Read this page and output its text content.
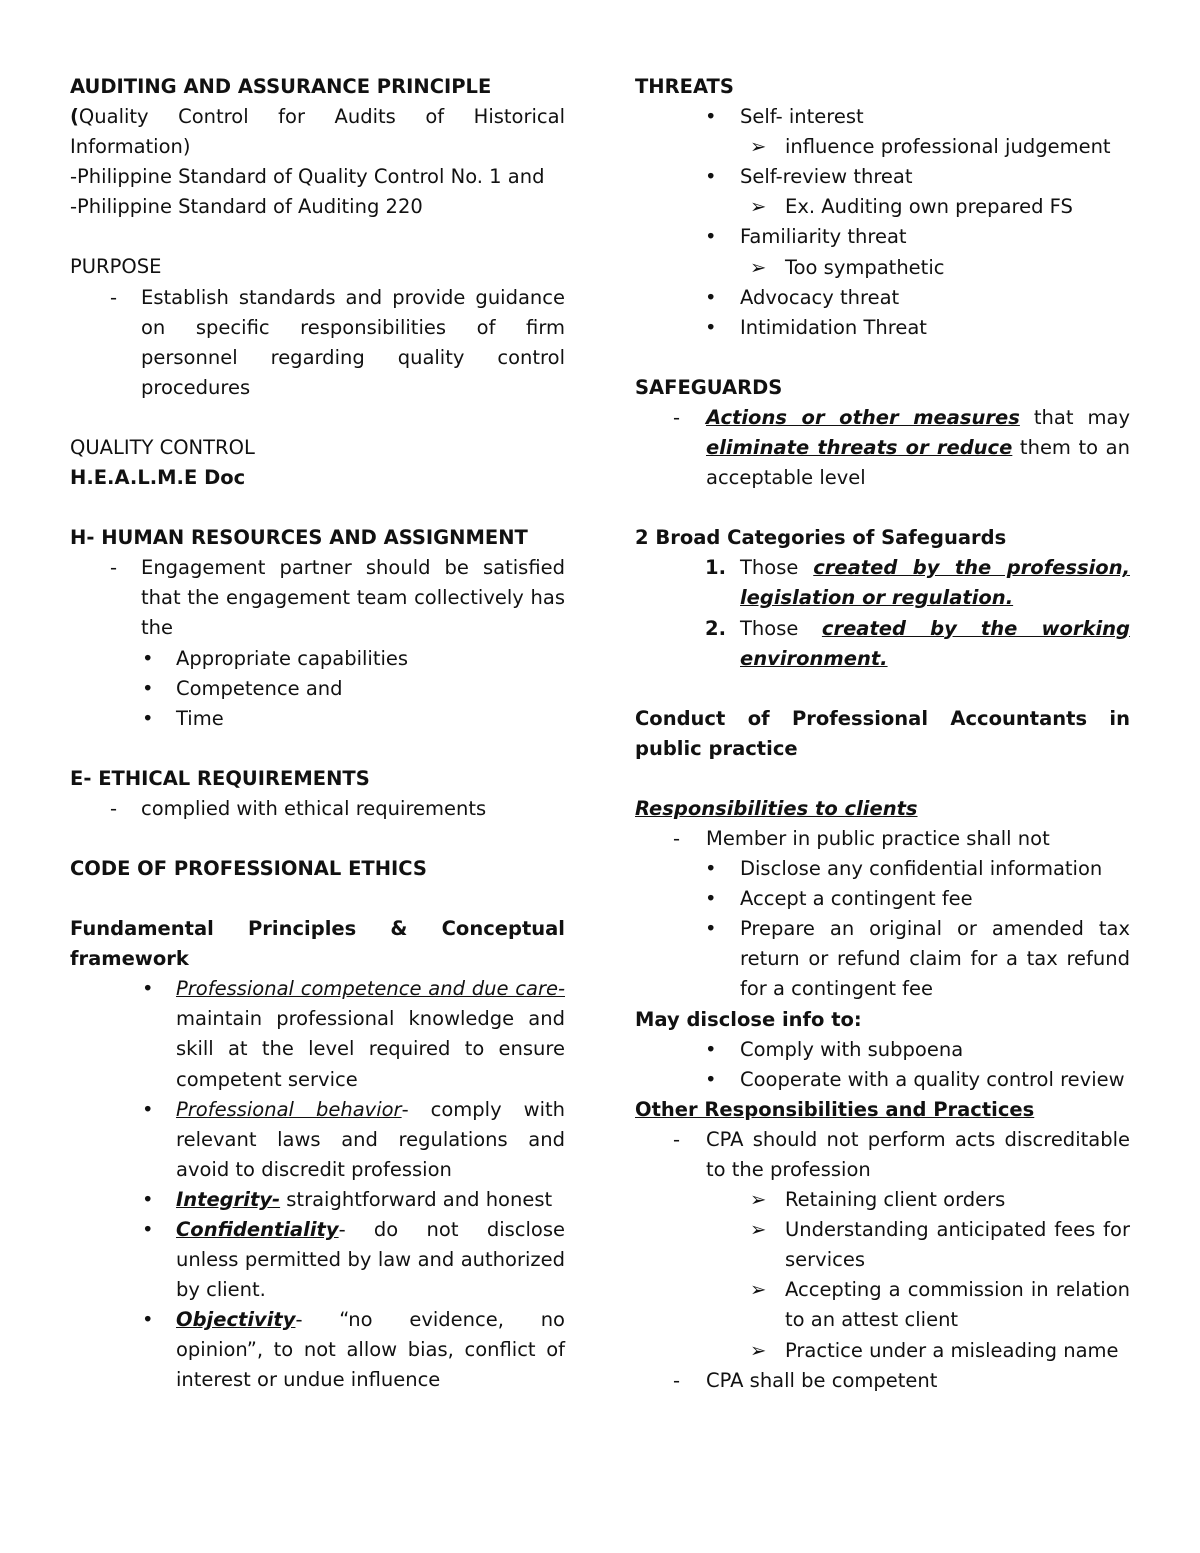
AUDITING AND ASSURANCE PRINCIPLE

(Quality Control for Audits of Historical Information)

-Philippine Standard of Quality Control No. 1 and

-Philippine Standard of Auditing 220

PURPOSE

-	Establish standards and provide guidance on specific responsibilities of firm personnel regarding quality control procedures

QUALITY CONTROL

H.E.A.L.M.E Doc

H- HUMAN RESOURCES AND ASSIGNMENT

-	Engagement partner should be satisfied that the engagement team collectively has the
•
Appropriate capabilities
•
Competence and
•
Time

E- ETHICAL REQUIREMENTS

-	complied with ethical requirements

CODE OF PROFESSIONAL ETHICS

Fundamental Principles & Conceptual framework

•
Professional competence and due care- maintain professional knowledge and skill at the level required to ensure competent service
•
Professional behavior- comply with relevant laws and regulations and avoid to discredit profession
•
Integrity- straightforward and honest
•
Confidentiality- do not disclose unless permitted by law and authorized by client.
•
Objectivity- “no evidence, no opinion”, to not allow bias, conflict of interest or undue influence

THREATS

•
Self- interest
➢ influence professional judgement
•
Self-review threat
➢ Ex. Auditing own prepared FS
•
Familiarity threat
➢ Too sympathetic
•
Advocacy threat
•
Intimidation Threat

SAFEGUARDS

-	Actions or other measures that may eliminate threats or reduce them to an acceptable level

2 Broad Categories of Safeguards

1. Those created by the profession, legislation or regulation.
2. Those created by the working environment.

Conduct of Professional Accountants in public practice

Responsibilities to clients

-	Member in public practice shall not
•
Disclose any confidential information
•
Accept a contingent fee
•
Prepare an original or amended tax return or refund claim for a tax refund for a contingent fee

May disclose info to:

•
Comply with subpoena
•
Cooperate with a quality control review

Other Responsibilities and Practices

-	CPA should not perform acts discreditable to the profession
➢ Retaining client orders
➢ Understanding anticipated fees for services
➢ Accepting a commission in relation to an attest client
➢ Practice under a misleading name
-	CPA shall be competent
